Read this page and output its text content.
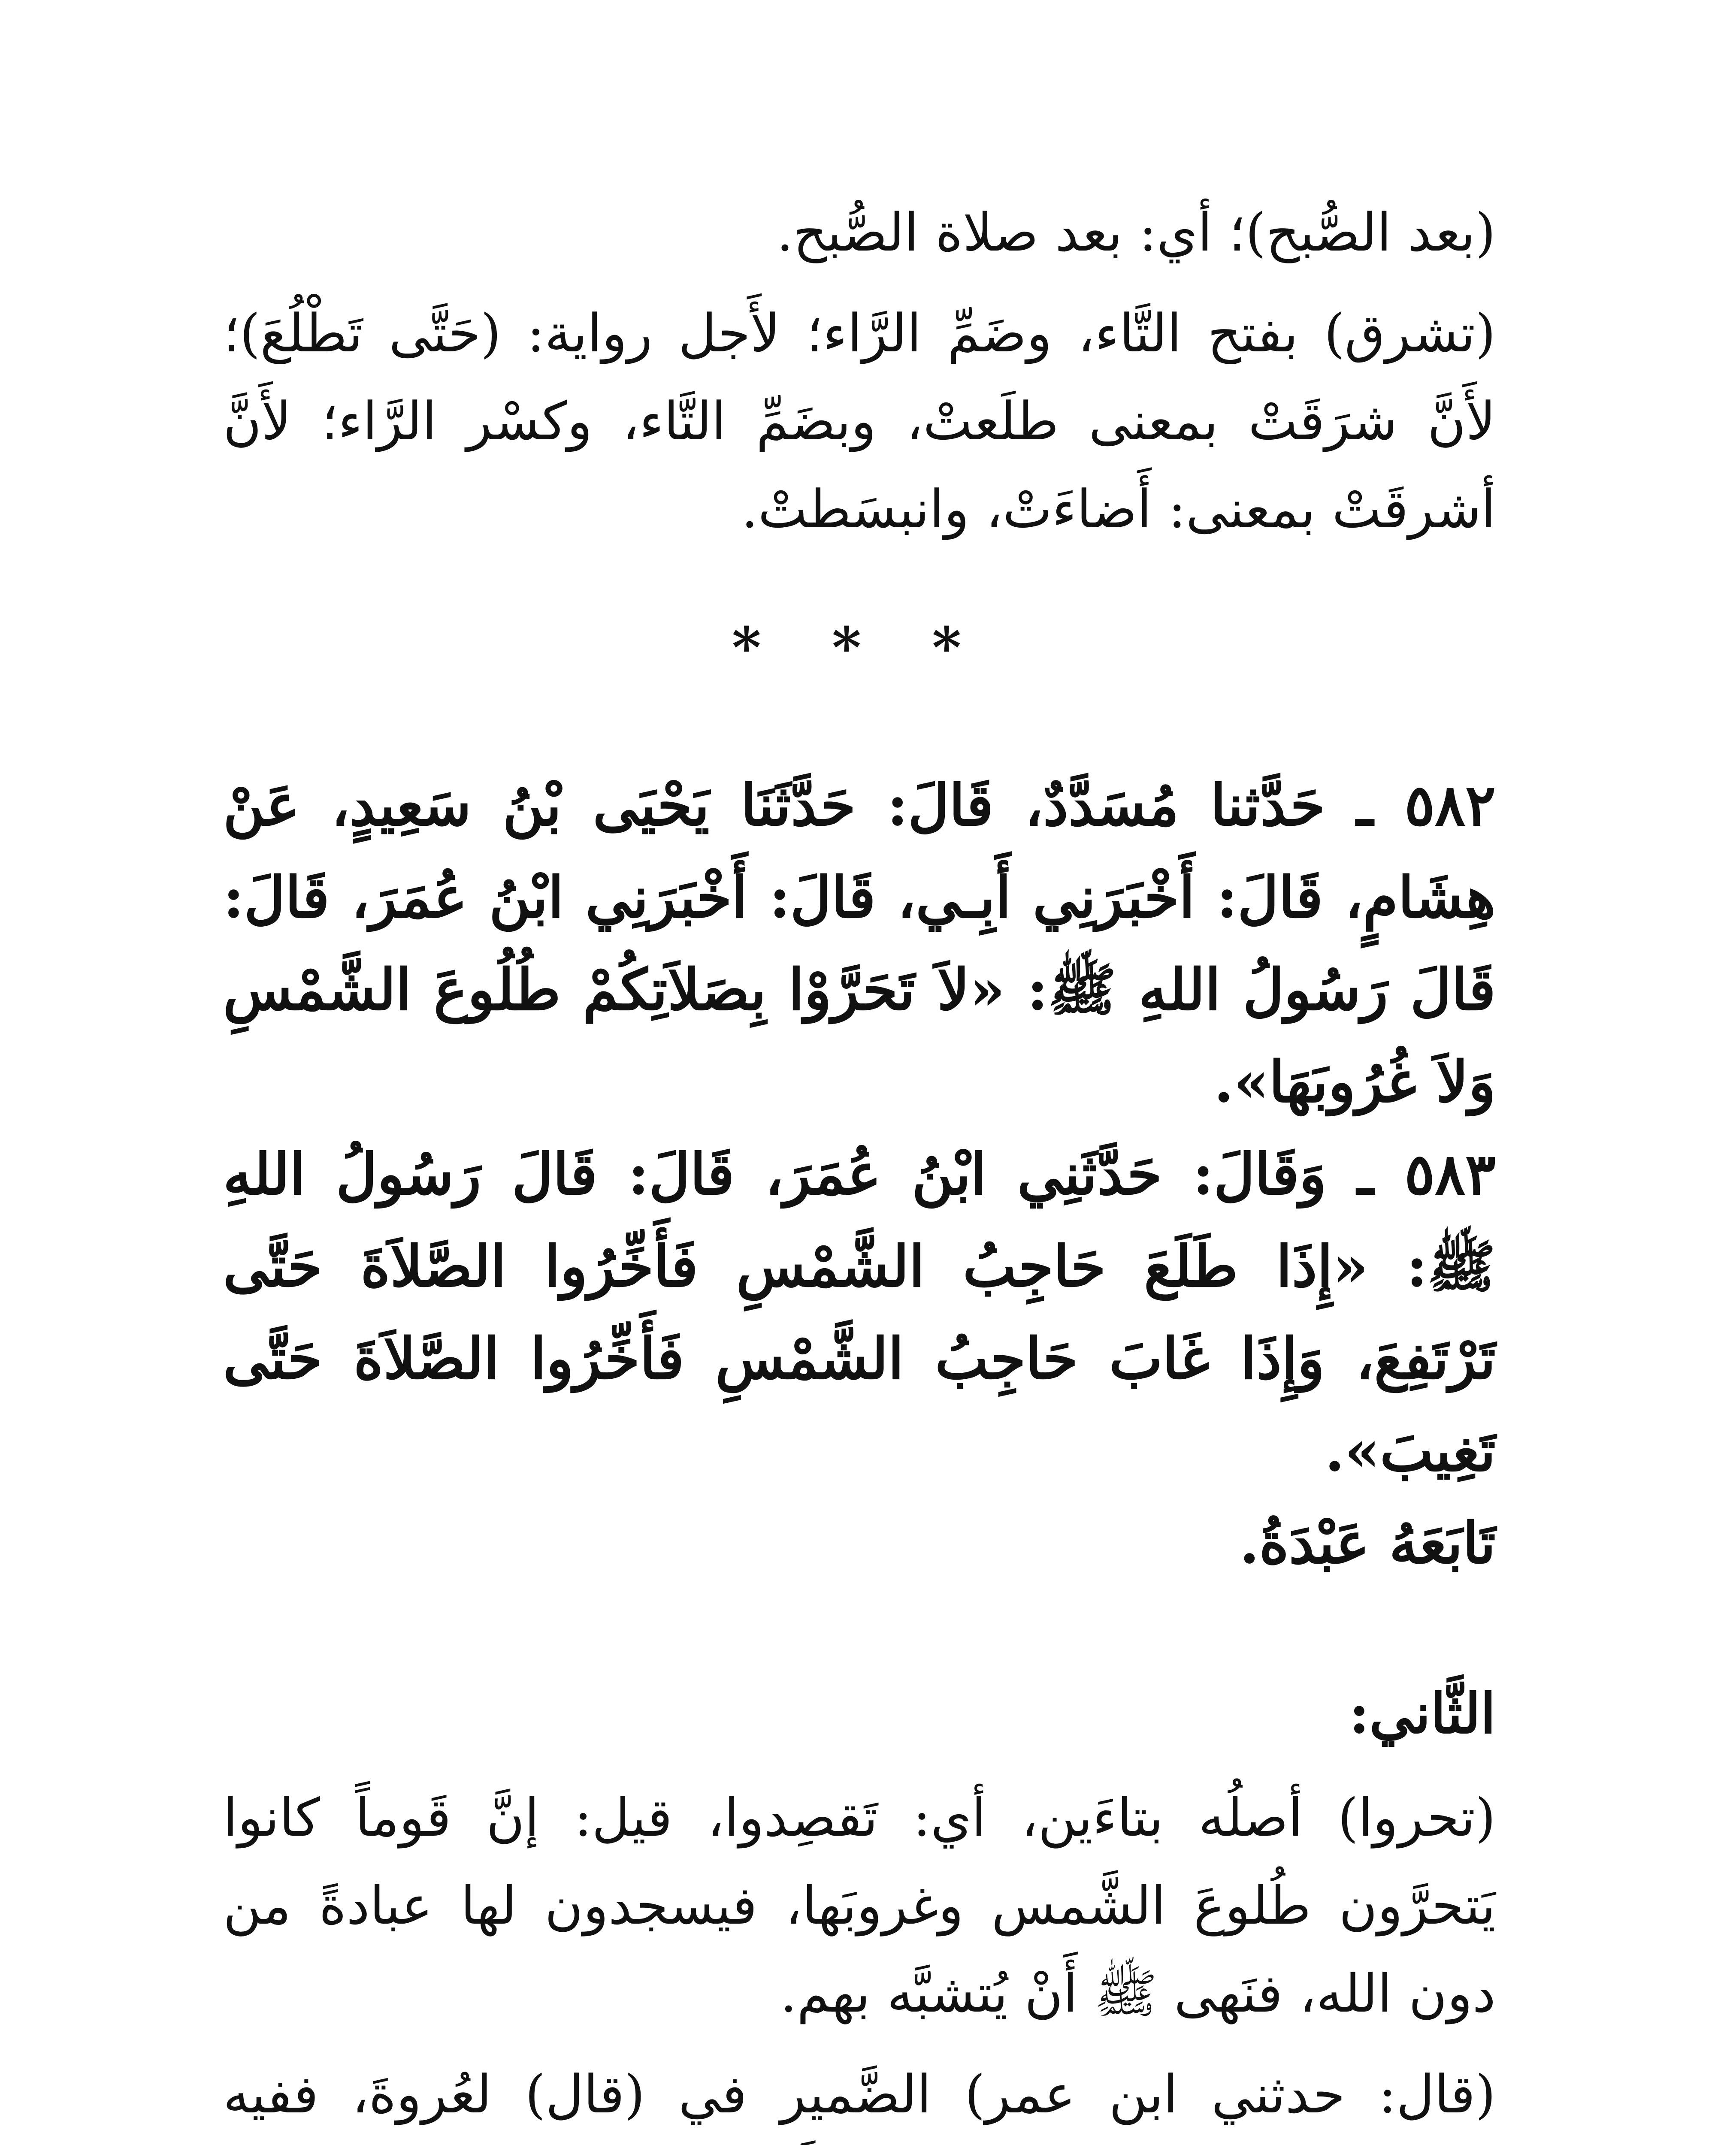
(بعد الصُّبح)؛ أي: بعد صلاة الصُّبح.

(تشرق) بفتح التَّاء، وضَمِّ الرَّاء؛ لأَجل رواية: (حَتَّى تَطْلُعَ)؛ لأَنَّ شرَقَتْ بمعنى طلَعتْ، وبضَمِّ التَّاء، وكسْر الرَّاء؛ لأَنَّ أشرقَتْ بمعنى: أَضاءَتْ، وانبسَطتْ.

* * *

٥٨٢ ـ حَدَّثنا مُسَدَّدٌ، قَالَ: حَدَّثَنَا يَحْيَى بْنُ سَعِيدٍ، عَنْ هِشَامٍ، قَالَ: أَخْبَرَنِي أَبِـي، قَالَ: أَخْبَرَنِي ابْنُ عُمَرَ، قَالَ: قَالَ رَسُولُ اللهِ ﷺ: «لاَ تَحَرَّوْا بِصَلاَتِكُمْ طُلُوعَ الشَّمْسِ وَلاَ غُرُوبَهَا».

٥٨٣ ـ وَقَالَ: حَدَّثَنِي ابْنُ عُمَرَ، قَالَ: قَالَ رَسُولُ اللهِ ﷺ: «إِذَا طَلَعَ حَاجِبُ الشَّمْسِ فَأَخِّرُوا الصَّلاَةَ حَتَّى تَرْتَفِعَ، وَإِذَا غَابَ حَاجِبُ الشَّمْسِ فَأَخِّرُوا الصَّلاَةَ حَتَّى تَغِيبَ».

تَابَعَهُ عَبْدَةُ.

الثَّاني:

(تحروا) أصلُه بتاءَين، أي: تَقصِدوا، قيل: إنَّ قَوماً كانوا يَتحرَّون طُلوعَ الشَّمس وغروبَها، فيسجدون لها عبادةً من دون الله، فنَهى ﷺ أَنْ يُتشبَّه بهم.

(قال: حدثني ابن عمر) الضَّمير في (قال) لعُروةَ، ففيه
